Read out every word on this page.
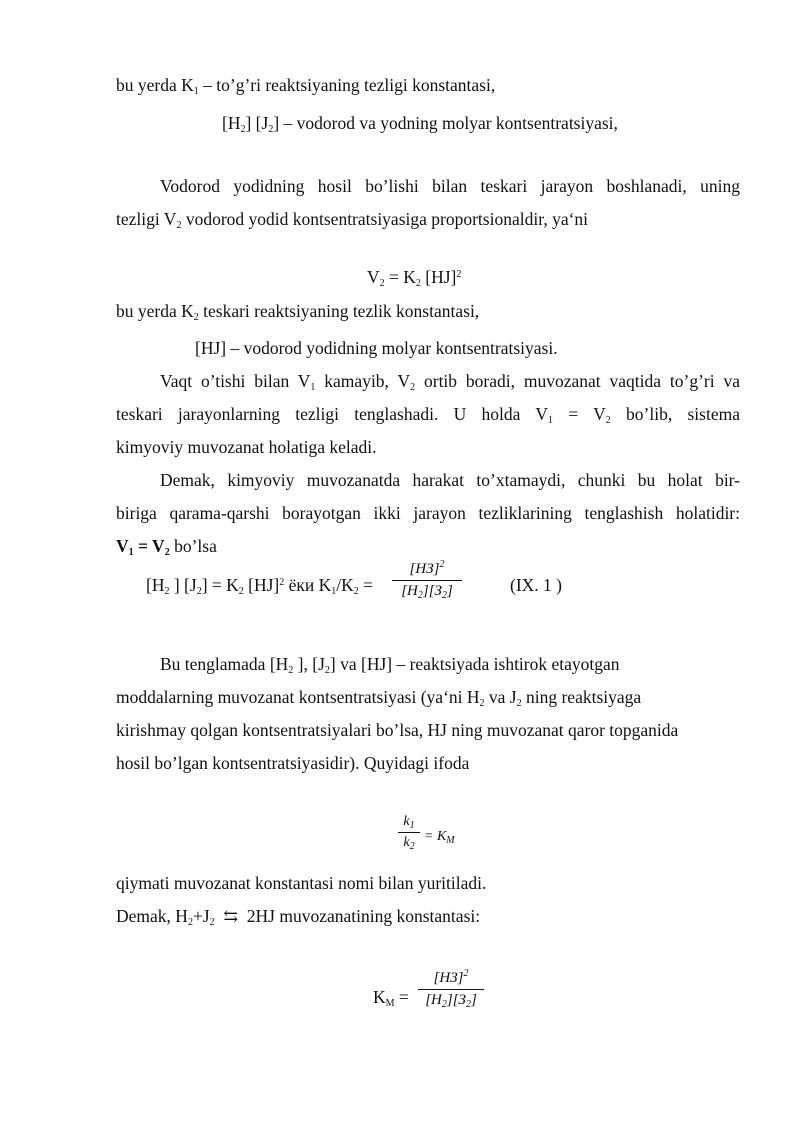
bu yerda $K_1$ – to’g’ri reaktsiyaning tezligi konstantasi,
$[H_2]$ $[J_2]$ – vodorod va yodning molyar kontsentratsiyasi,
Vodorod yodidning hosil bo’lishi bilan teskari jarayon boshlanadi, uning
tezligi $V_2$ vodorod yodid kontsentratsiyasiga proportsionaldir, ya‘ni
$V_2 = K_2$ [HJ]$^2$
bu yerda $K_2$ teskari reaktsiyaning tezlik konstantasi,
[HJ] – vodorod yodidning molyar kontsentratsiyasi.
Vaqt o’tishi bilan $V_1$ kamayib, $V_2$ ortib boradi, muvozanat vaqtida to’g’ri va
teskari jarayonlarning tezligi tenglashadi. U holda $V_1 = V_2$ bo’lib, sistema
kimyoviy muvozanat holatiga keladi.
Demak, kimyoviy muvozanatda harakat to’xtamaydi, chunki bu holat bir-
biriga qarama-qarshi borayotgan ikki jarayon tezliklarining tenglashish holatidir:
$V_1 = V_2$ bo’lsa
[$H_2$ ] $[J_2] = K_2$ [HJ]$^2$ ёки $K_1/K_2$ =
[HЗ]$^2$
$[H_2][З_2]$	(IX. 1 )
Bu tenglamada [$H_2$ ], $[J_2]$ va [HJ] – reaktsiyada ishtirok etayotgan
moddalarning muvozanat kontsentratsiyasi (ya‘ni $H_2$ va $J_2$ ning reaktsiyaga
kirishmay qolgan kontsentratsiyalari bo’lsa, HJ ning muvozanat qaror topganida
hosil bo’lgan kontsentratsiyasidir). Quyidagi ifoda
$k_1$
$k_2$
= $K_M$
qiymati muvozanat konstantasi nomi bilan yuritiladi.
Demak, $H_2+J_2$ ⇆ 2HJ muvozanatining konstantasi:
$K_M$ =
[HЗ]$^2$
$[H_2][З_2]$
